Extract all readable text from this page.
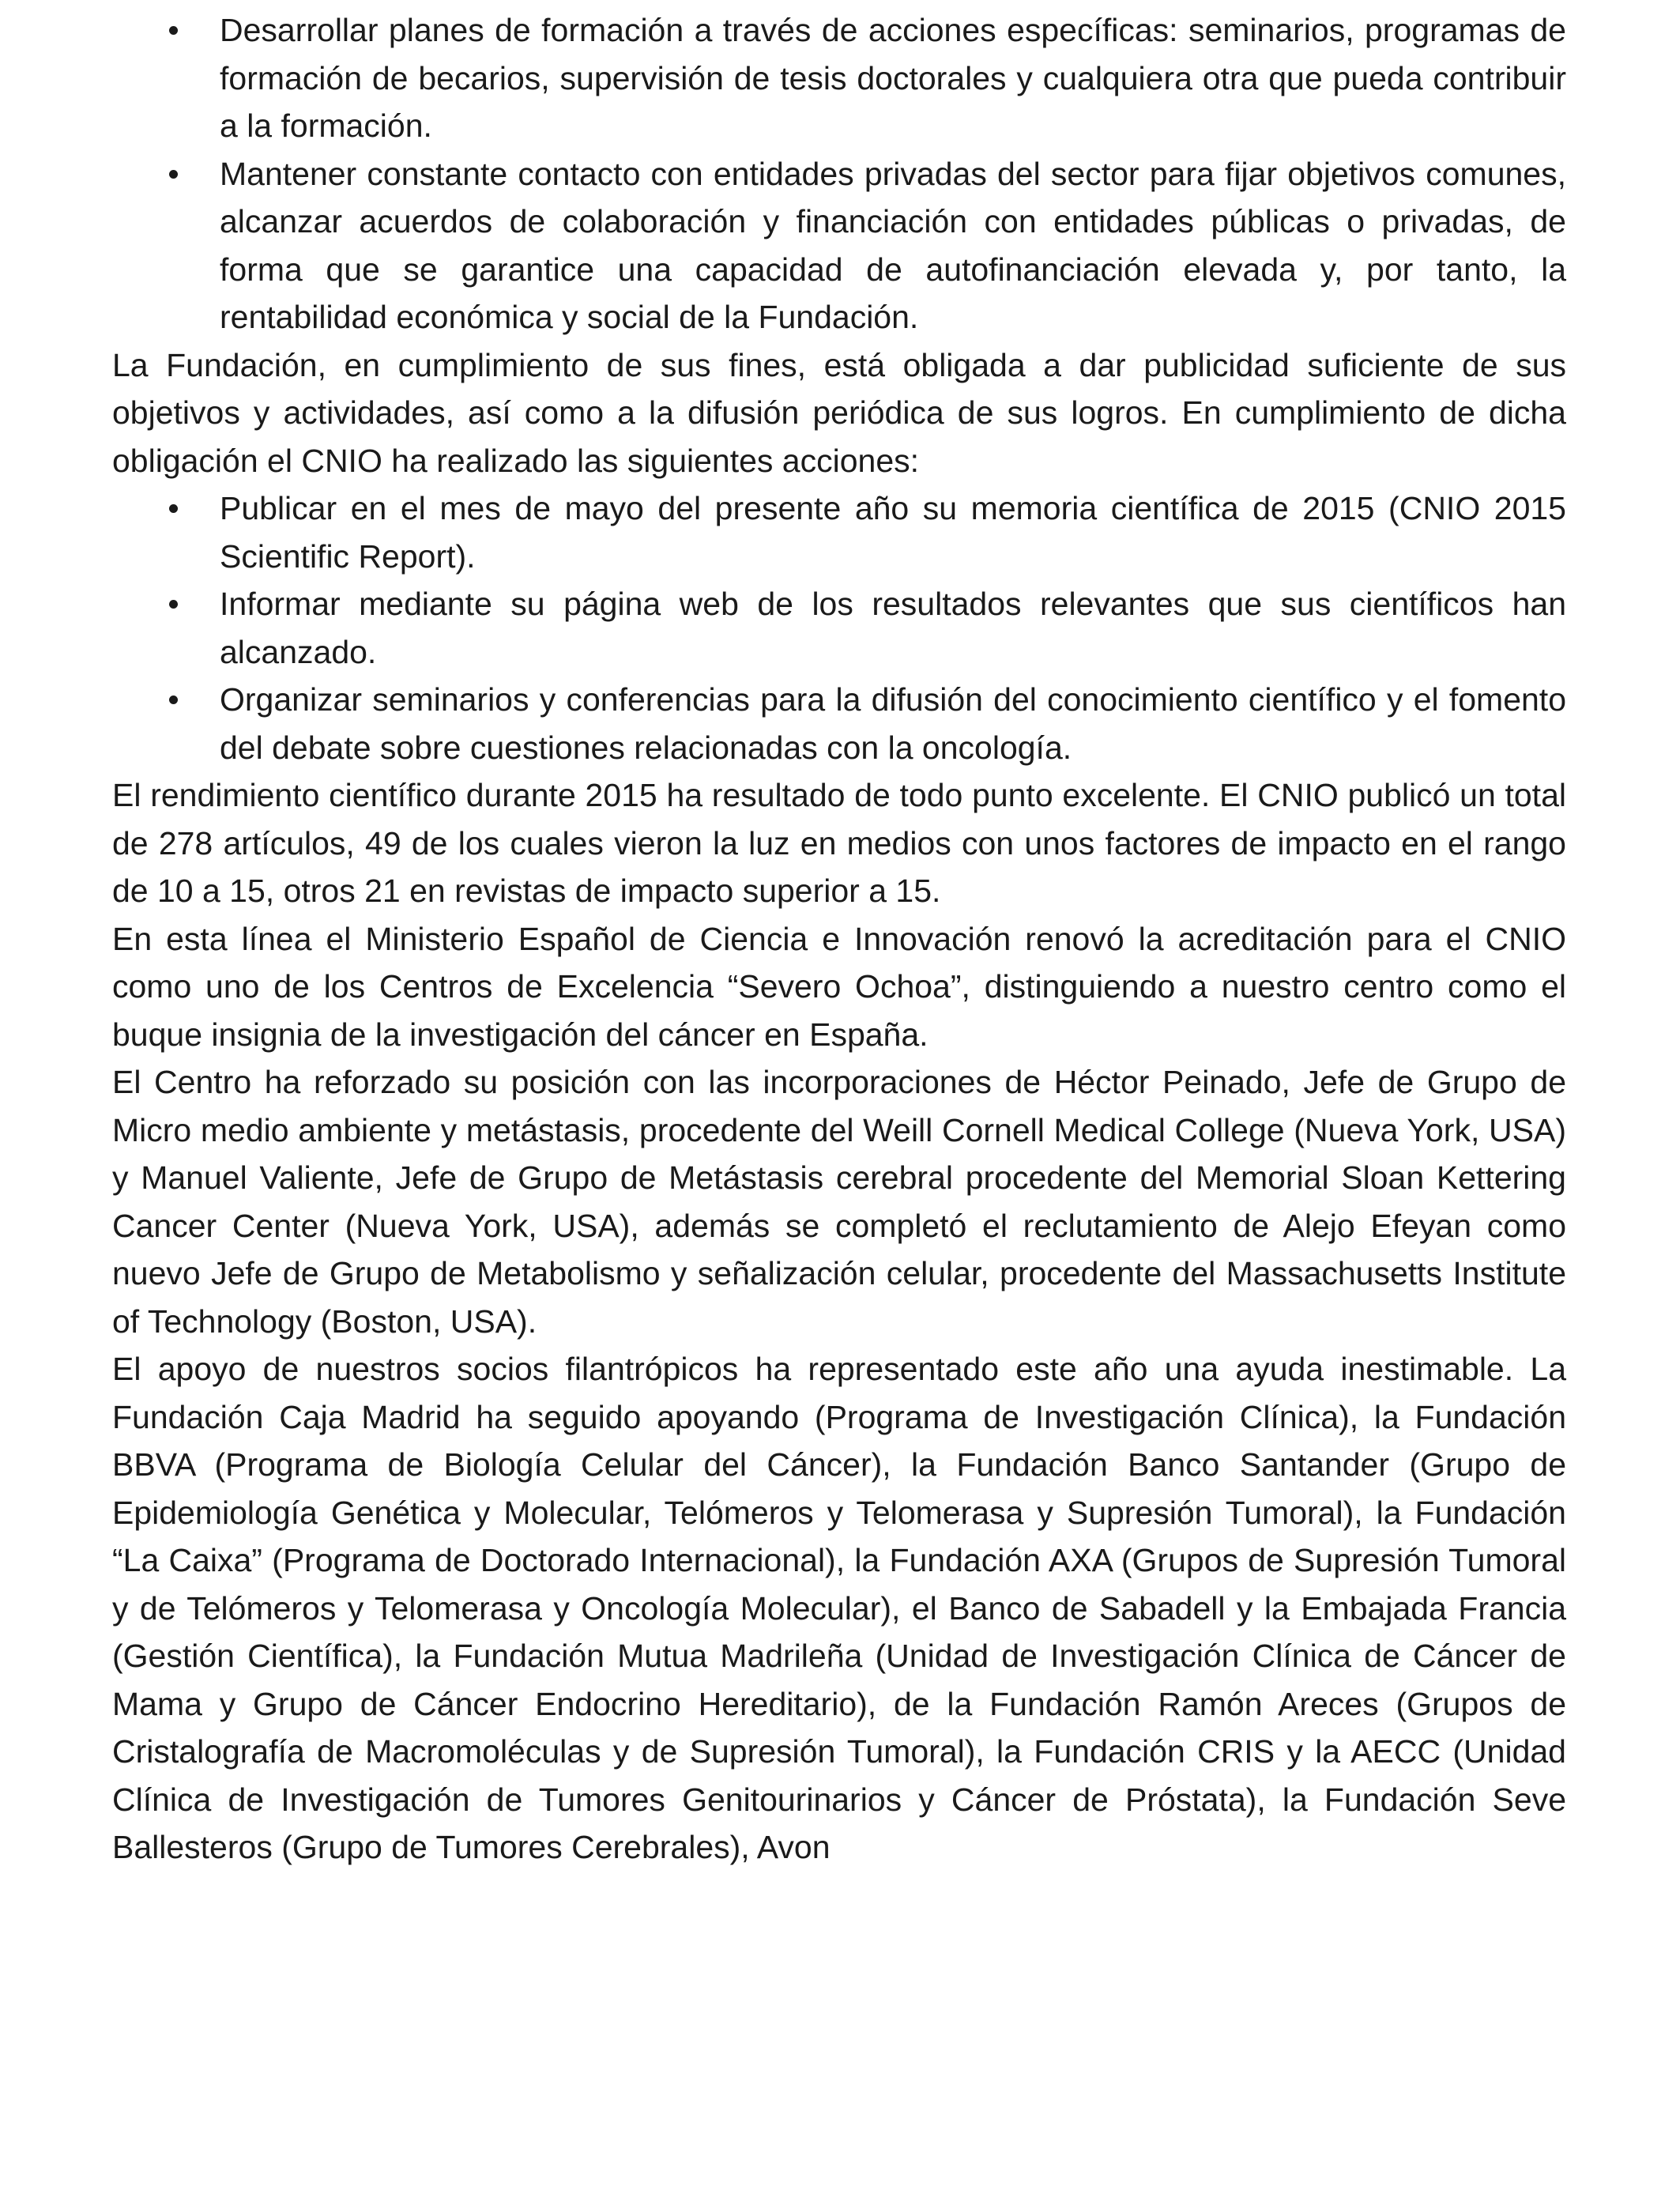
Desarrollar planes de formación a través de acciones específicas: seminarios, programas de formación de becarios, supervisión de tesis doctorales y cualquiera otra que pueda contribuir a la formación.
Mantener constante contacto con entidades privadas del sector para fijar objetivos comunes, alcanzar acuerdos de colaboración y financiación con entidades públicas o privadas, de forma que se garantice una capacidad de autofinanciación elevada y, por tanto, la rentabilidad económica y social de la Fundación.

La Fundación, en cumplimiento de sus fines, está obligada a dar publicidad suficiente de sus objetivos y actividades, así como a la difusión periódica de sus logros. En cumplimiento de dicha obligación el CNIO ha realizado las siguientes acciones:

Publicar en el mes de mayo del presente año su memoria científica de 2015 (CNIO 2015 Scientific Report).
Informar mediante su página web de los resultados relevantes que sus científicos han alcanzado.
Organizar seminarios y conferencias para la difusión del conocimiento científico y el fomento del debate sobre cuestiones relacionadas con la oncología.

El rendimiento científico durante 2015 ha resultado de todo punto excelente. El CNIO publicó un total de 278 artículos, 49 de los cuales vieron la luz en medios con unos factores de impacto en el rango de 10 a 15, otros 21 en revistas de impacto superior a 15.

En esta línea el Ministerio Español de Ciencia e Innovación renovó la acreditación para el CNIO como uno de los Centros de Excelencia “Severo Ochoa”, distinguiendo a nuestro centro como el buque insignia de la investigación del cáncer en España.

El Centro ha reforzado su posición con las incorporaciones de Héctor Peinado, Jefe de Grupo de Micro medio ambiente y metástasis, procedente del Weill Cornell Medical College (Nueva York, USA) y Manuel Valiente, Jefe de Grupo de Metástasis cerebral procedente del Memorial Sloan Kettering Cancer Center (Nueva York, USA), además se completó el reclutamiento de Alejo Efeyan como nuevo Jefe de Grupo de Metabolismo y señalización celular, procedente del Massachusetts Institute of Technology (Boston, USA).

El apoyo de nuestros socios filantrópicos ha representado este año una ayuda inestimable. La Fundación Caja Madrid ha seguido apoyando (Programa de Investigación Clínica), la Fundación BBVA (Programa de Biología Celular del Cáncer), la Fundación Banco Santander (Grupo de Epidemiología Genética y Molecular, Telómeros y Telomerasa y Supresión Tumoral), la Fundación “La Caixa” (Programa de Doctorado Internacional), la Fundación AXA (Grupos de Supresión Tumoral y de Telómeros y Telomerasa y Oncología Molecular), el Banco de Sabadell y la Embajada Francia (Gestión Científica), la Fundación Mutua Madrileña (Unidad de Investigación Clínica de Cáncer de Mama y Grupo de Cáncer Endocrino Hereditario), de la Fundación Ramón Areces (Grupos de Cristalografía de Macromoléculas y de Supresión Tumoral), la Fundación CRIS y la AECC (Unidad Clínica de Investigación de Tumores Genitourinarios y Cáncer de Próstata), la Fundación Seve Ballesteros (Grupo de Tumores Cerebrales), Avon
